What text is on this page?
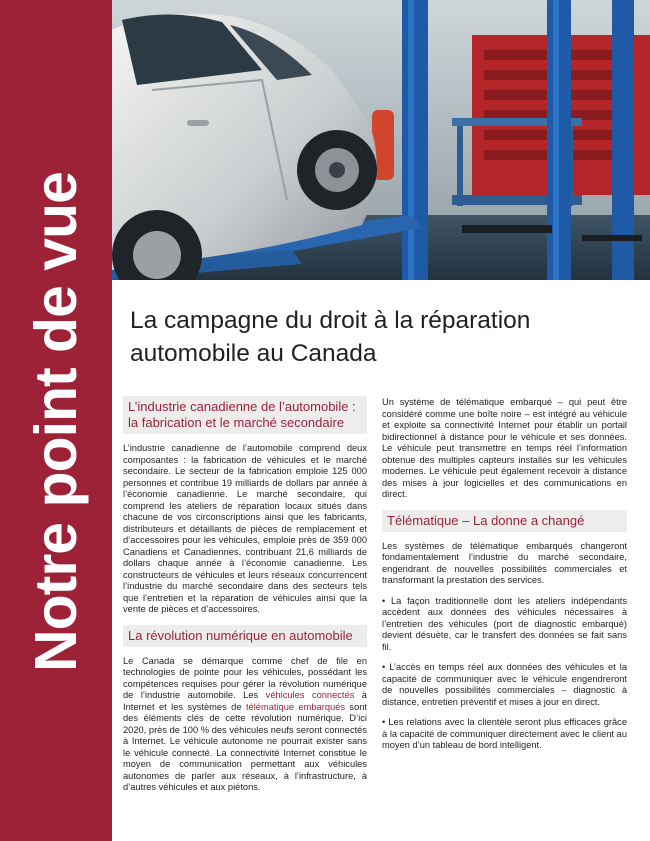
Notre point de vue La campagne du droit à la réparation
automobile au Canada
L’industrie canadienne de l’automobile :
la fabrication et le marché secondaire

L’industrie canadienne de l’automobile comprend deux composantes : la fabrication de véhicules et le marché secondaire. Le secteur de la fabrication emploie 125 000 personnes et contribue 19 milliards de dollars par année à l’économie canadienne. Le marché secondaire, qui comprend les ateliers de réparation locaux situés dans chacune de vos circonscriptions ainsi que les fabricants, distributeurs et détaillants de pièces de remplacement et d’accessoires pour les véhicules, emploie près de 359 000 Canadiens et Canadiennes, contribuant 21,6 milliards de dollars chaque année à l’économie canadienne. Les constructeurs de véhicules et leurs réseaux concurrencent l’industrie du marché secondaire dans des secteurs tels que l’entretien et la réparation de véhicules ainsi que la vente de pièces et d’accessoires.

La révolution numérique en automobile

Le Canada se démarque comme chef de file en technologies de pointe pour les véhicules, possédant les compétences requises pour gérer la révolution numérique de l’industrie automobile. Les véhicules connectés à Internet et les systèmes de télématique embarqués sont des éléments clés de cette révolution numérique. D’ici 2020, près de 100 % des véhicules neufs seront connectés à Internet. Le véhicule autonome ne pourrait exister sans le véhicule connecté. La connectivité Internet constitue le moyen de communication permettant aux véhicules autonomes de parler aux réseaux, à l’infrastructure, à d’autres véhicules et aux piétons.

Un système de télématique embarqué – qui peut être considéré comme une boîte noire – est intégré au véhicule et exploite sa connectivité Internet pour établir un portail bidirectionnel à distance pour le véhicule et ses données. Le véhicule peut transmettre en temps réel l’information obtenue des multiples capteurs installés sur les véhicules modernes. Le véhicule peut également recevoir à distance des mises à jour logicielles et des communications en direct.

Télématique – La donne a changé

Les systèmes de télématique embarqués changeront fondamentalement l’industrie du marché secondaire, engendrant de nouvelles possibilités commerciales et transformant la prestation des services.

• La façon traditionnelle dont les ateliers indépendants accèdent aux données des véhicules nécessaires à l’entretien des véhicules (port de diagnostic embarqué) devient désuète, car le transfert des données se fait sans fil.

• L’accès en temps réel aux données des véhicules et la capacité de communiquer avec le véhicule engendreront de nouvelles possibilités commerciales – diagnostic à distance, entretien préventif et mises à jour en direct.

• Les relations avec la clientèle seront plus efficaces grâce à la capacité de communiquer directement avec le client au moyen d’un tableau de bord intelligent.
